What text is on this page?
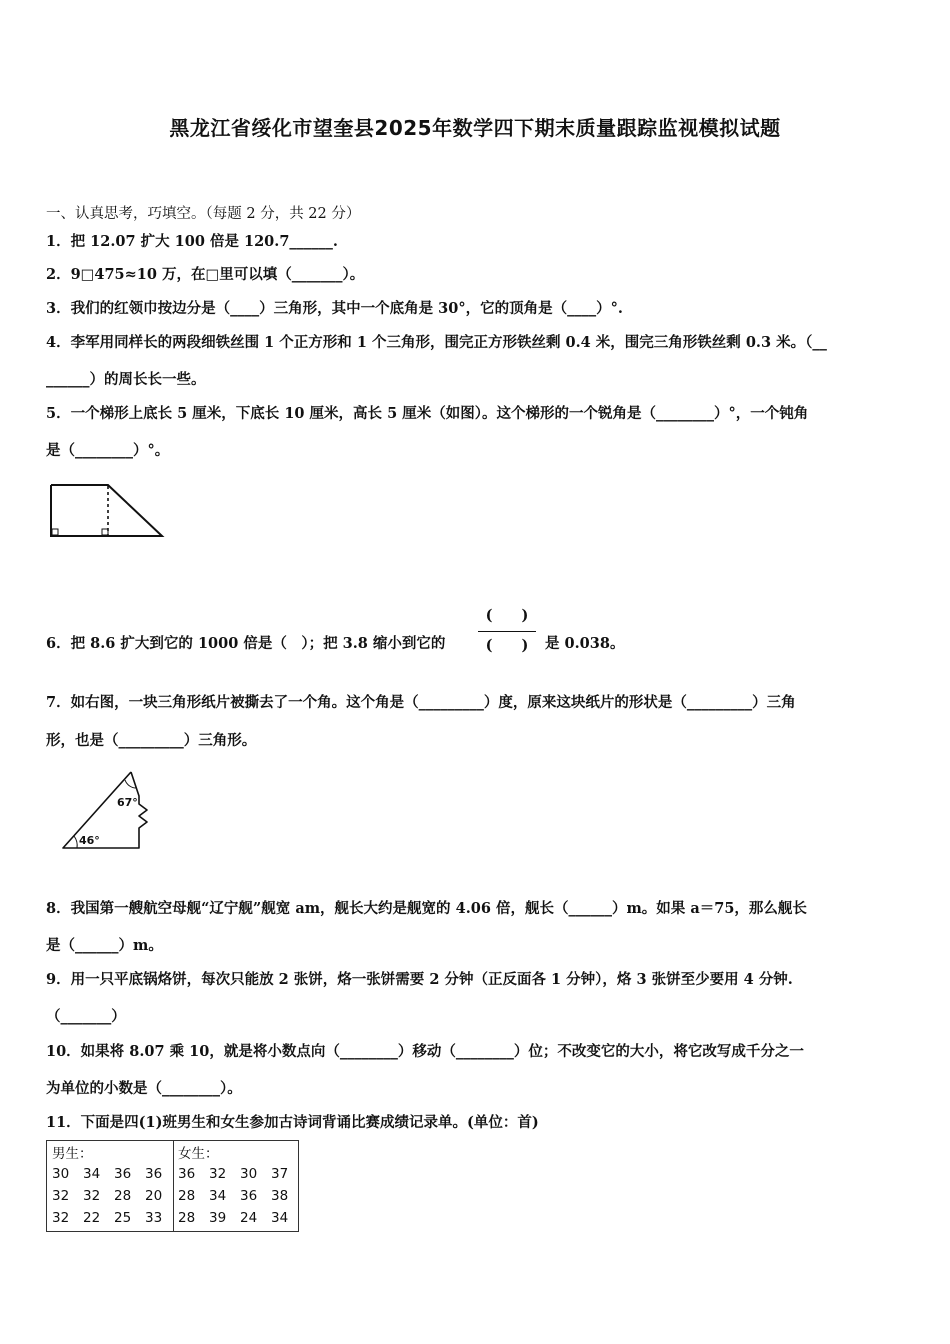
黑龙江省绥化市望奎县2025年数学四下期末质量跟踪监视模拟试题
一、认真思考，巧填空。（每题 2 分，共 22 分）
1．把 12.07 扩大 100 倍是 120.7______.
2．9□475≈10 万，在□里可以填（_______）。
3．我们的红领巾按边分是（____）三角形，其中一个底角是 30°，它的顶角是（____）°.
4．李军用同样长的两段细铁丝围 1 个正方形和 1 个三角形，围完正方形铁丝剩 0.4 米，围完三角形铁丝剩 0.3 米。（__
______）的周长长一些。
5．一个梯形上底长 5 厘米，下底长 10 厘米，高长 5 厘米（如图）。这个梯形的一个锐角是（________）°，一个钝角
是（________）°。
6．把 8.6 扩大到它的 1000 倍是（　）；把 3.8 缩小到它的
(　　)
(　　)	是 0.038。
7．如右图，一块三角形纸片被撕去了一个角。这个角是（_________）度，原来这块纸片的形状是（_________）三角
形，也是（_________）三角形。
67°
46°
8．我国第一艘航空母舰“辽宁舰”舰宽 am，舰长大约是舰宽的 4.06 倍，舰长（______）m。如果 a＝75，那么舰长
是（______）m。
9．用一只平底锅烙饼，每次只能放 2 张饼，烙一张饼需要 2 分钟（正反面各 1 分钟），烙 3 张饼至少要用 4 分钟.
（_______）
10．如果将 8.07 乘 10，就是将小数点向（________）移动（________）位；不改变它的大小，将它改写成千分之一
为单位的小数是（________）。
11．下面是四(1)班男生和女生参加古诗词背诵比赛成绩记录单。(单位：首)
男生：			
30	34	36	36
32	32	28	20
32	22	25	33
女生：			
36	32	30	37
28	34	36	38
28	39	24	34
